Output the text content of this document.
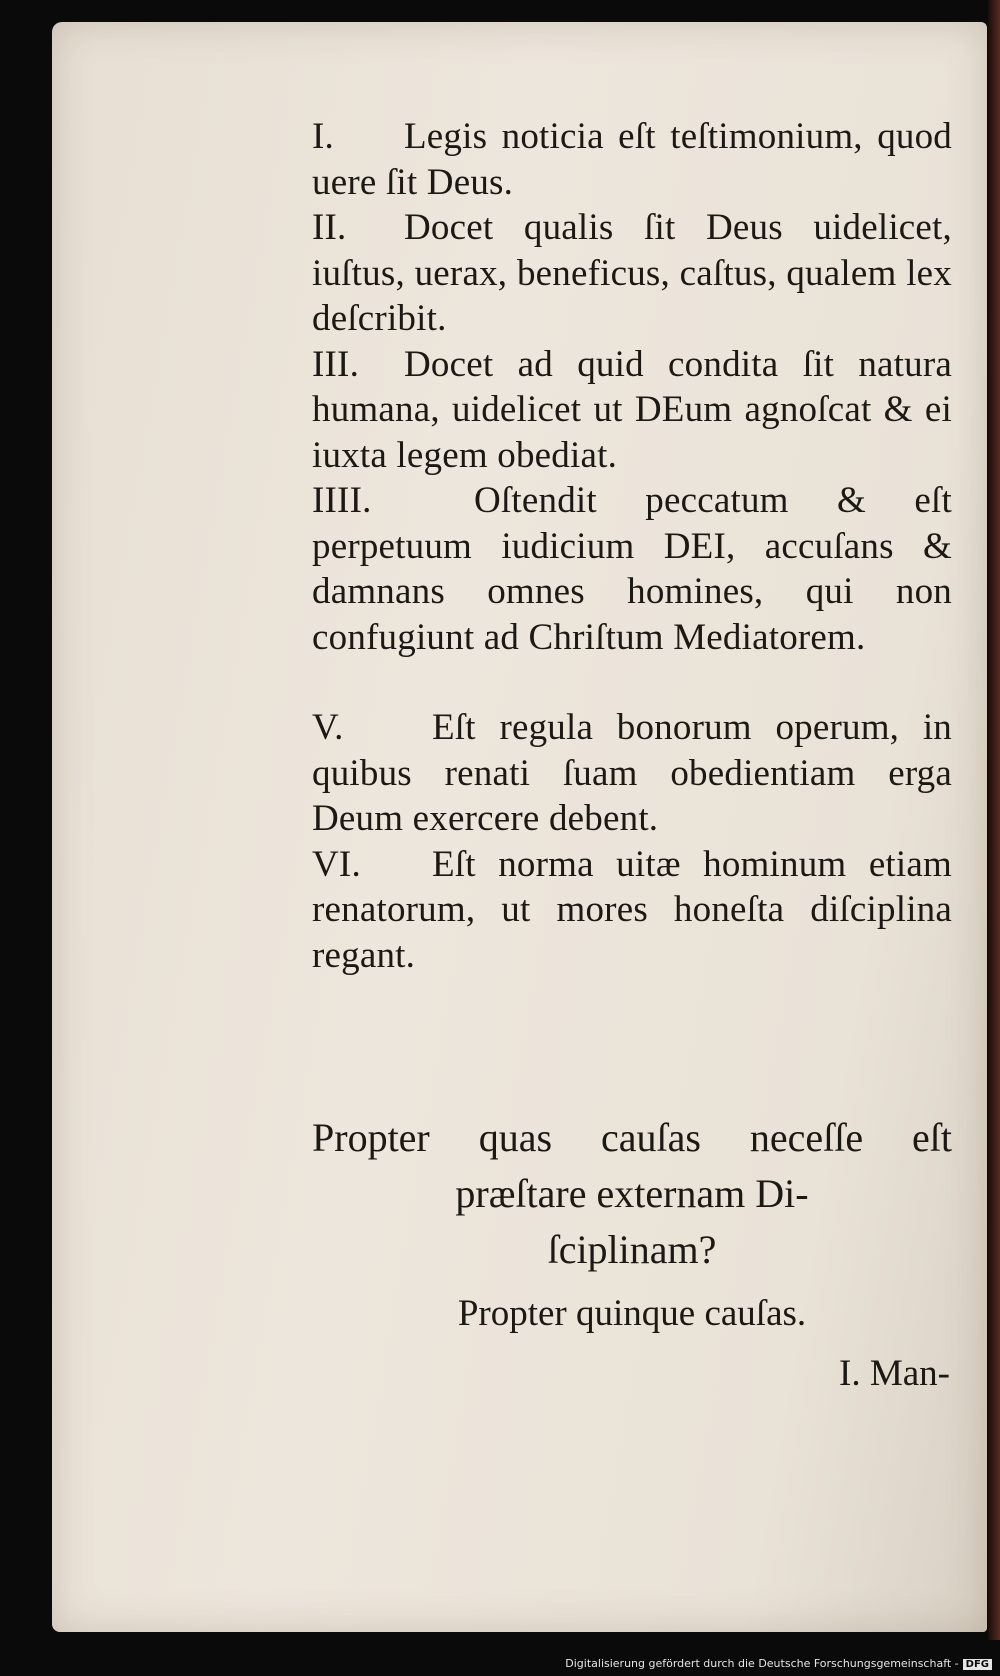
I. Legis noticia eſt teſtimonium, quod uere ſit Deus.

II. Docet qualis ſit Deus uidelicet, iuſtus, uerax, beneficus, caſtus, qualem lex deſcribit.

III. Docet ad quid condita ſit natura humana, uidelicet ut DEum agnoſcat & ei iuxta legem obediat.

IIII.	Oſtendit peccatum & eſt perpetuum iudicium DEI, accuſans & damnans omnes homines, qui non confugiunt ad Chriſtum Mediatorem.

V. Eſt regula bonorum operum, in quibus renati ſuam obedientiam erga Deum exercere debent.

VI. Eſt norma uitæ hominum etiam renatorum, ut mores honeſta diſciplina regant.

Propter quas cauſas neceſſe eſt
præſtare externam Di-
ſciplinam?
Propter quinque cauſas.
I. Man-
Digitalisierung gefördert durch die Deutsche Forschungsgemeinschaft - DFG
